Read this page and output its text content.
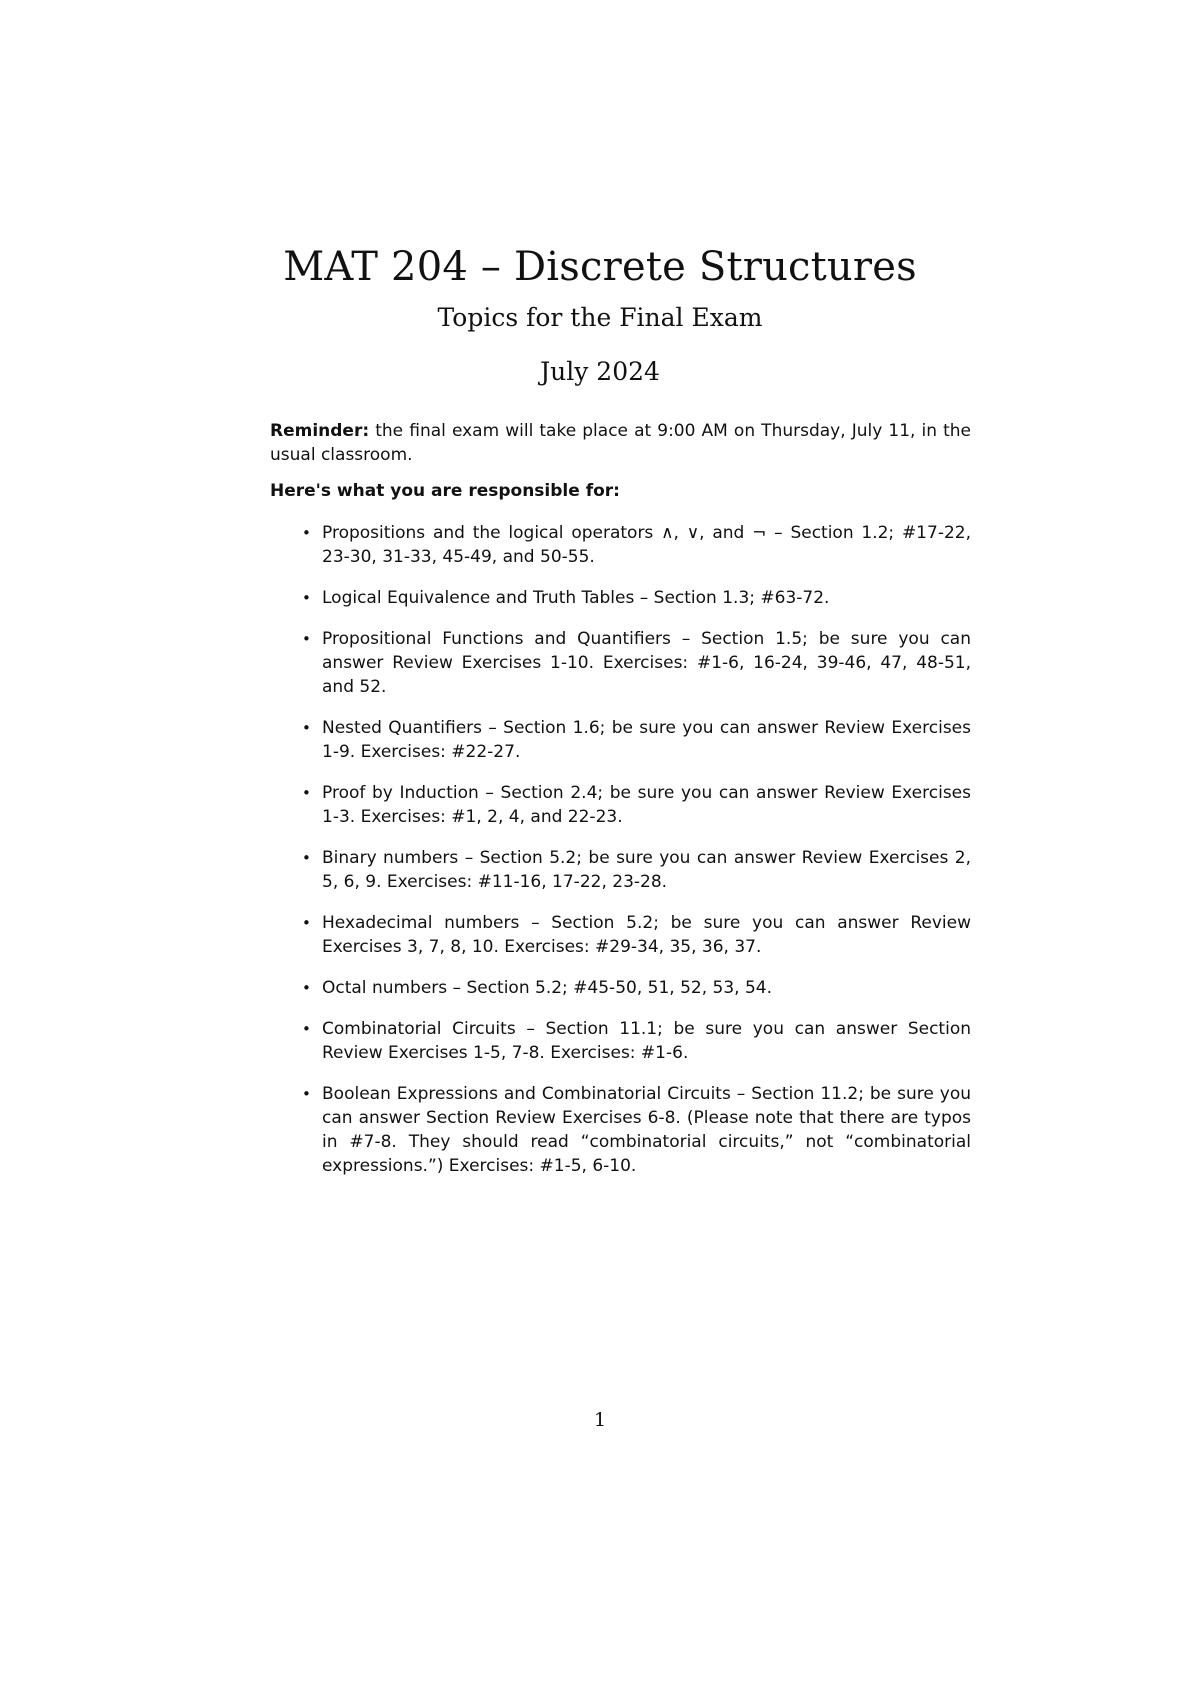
MAT 204 – Discrete Structures
Topics for the Final Exam
July 2024

Reminder: the final exam will take place at 9:00 AM on Thursday, July 11, in the usual classroom.

Here's what you are responsible for:

• Propositions and the logical operators ∧, ∨, and ¬ – Section 1.2; #17-22, 23-30, 31-33, 45-49, and 50-55.
• Logical Equivalence and Truth Tables – Section 1.3; #63-72.
• Propositional Functions and Quantifiers – Section 1.5; be sure you can answer Review Exercises 1-10. Exercises: #1-6, 16-24, 39-46, 47, 48-51, and 52.
• Nested Quantifiers – Section 1.6; be sure you can answer Review Exercises 1-9. Exercises: #22-27.
• Proof by Induction – Section 2.4; be sure you can answer Review Exercises 1-3. Exercises: #1, 2, 4, and 22-23.
• Binary numbers – Section 5.2; be sure you can answer Review Exercises 2, 5, 6, 9. Exercises: #11-16, 17-22, 23-28.
• Hexadecimal numbers – Section 5.2; be sure you can answer Review Exercises 3, 7, 8, 10. Exercises: #29-34, 35, 36, 37.
• Octal numbers – Section 5.2; #45-50, 51, 52, 53, 54.
• Combinatorial Circuits – Section 11.1; be sure you can answer Section Review Exercises 1-5, 7-8. Exercises: #1-6.
• Boolean Expressions and Combinatorial Circuits – Section 11.2; be sure you can answer Section Review Exercises 6-8. (Please note that there are typos in #7-8. They should read “combinatorial circuits,” not “combinatorial expressions.”) Exercises: #1-5, 6-10.
1
